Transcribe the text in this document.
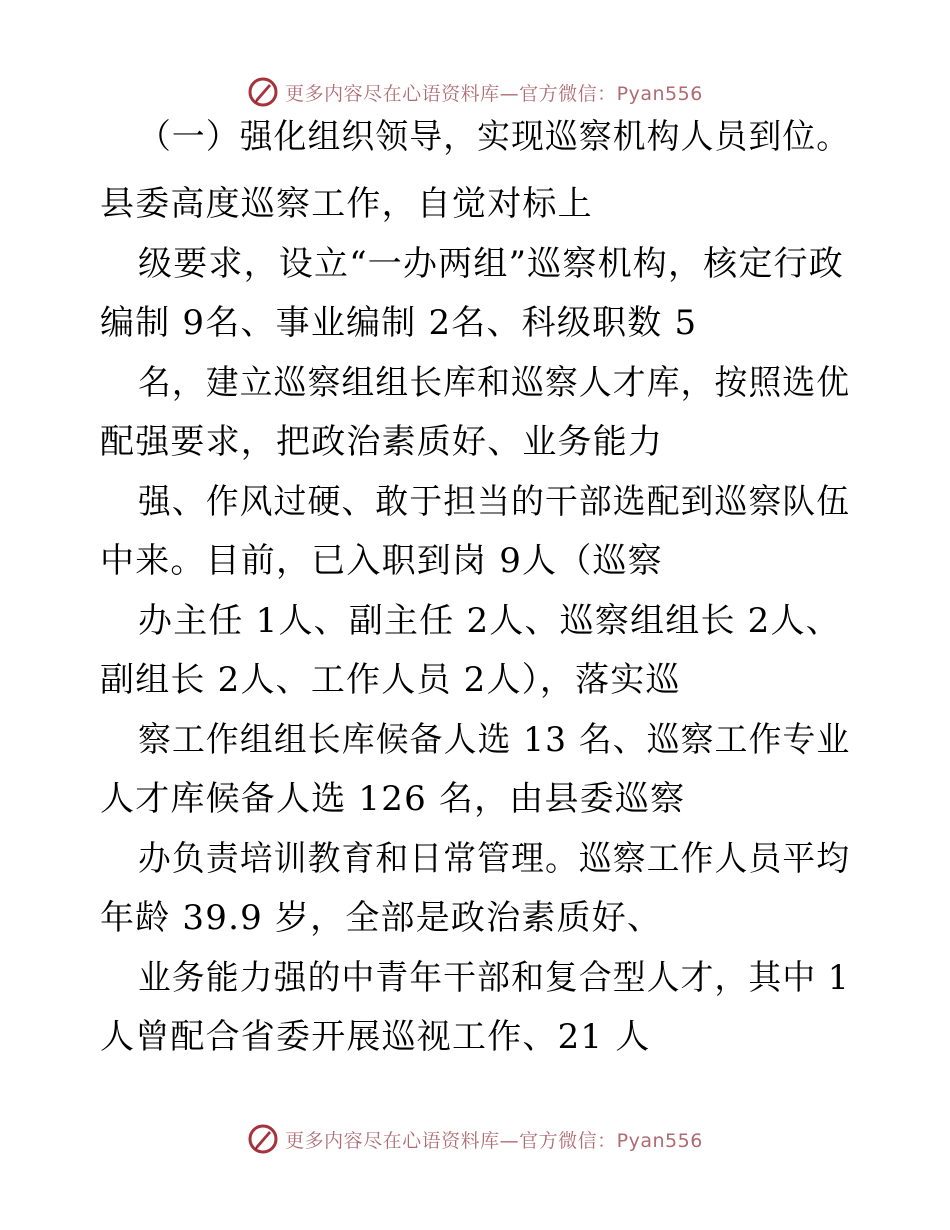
更多内容尽在心语资料库—官方微信：Pyan556

（一）强化组织领导，实现巡察机构人员到位。

县委高度巡察工作，自觉对标上

级要求，设立“一办两组”巡察机构，核定行政

编制 9名、事业编制 2名、科级职数 5

名，建立巡察组组长库和巡察人才库，按照选优

配强要求，把政治素质好、业务能力

强、作风过硬、敢于担当的干部选配到巡察队伍

中来。目前，已入职到岗 9人（巡察

办主任 1人、副主任 2人、巡察组组长 2人、

副组长 2人、工作人员 2人），落实巡

察工作组组长库候备人选 13 名、巡察工作专业

人才库候备人选 126 名，由县委巡察

办负责培训教育和日常管理。巡察工作人员平均

年龄 39.9 岁，全部是政治素质好、

业务能力强的中青年干部和复合型人才，其中 1

人曾配合省委开展巡视工作、21 人

更多内容尽在心语资料库—官方微信：Pyan556
